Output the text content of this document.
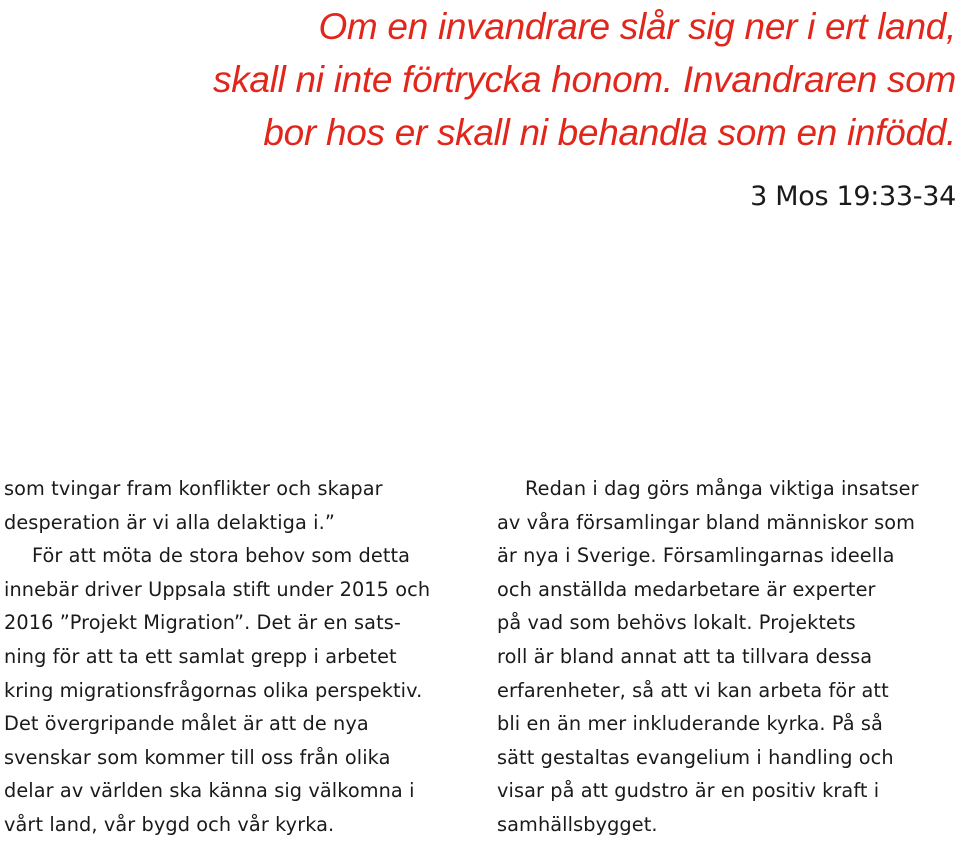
Om en invandrare slår sig ner i ert land,
skall ni inte förtrycka honom. Invandraren som
bor hos er skall ni behandla som en infödd.
3 Mos 19:33-34
som tvingar fram konflikter och skapar
desperation är vi alla delaktiga i.”
För att möta de stora behov som detta
innebär driver Uppsala stift under 2015 och
2016 ”Projekt Migration”. Det är en sats-
ning för att ta ett samlat grepp i arbetet
kring migrationsfrågornas olika perspektiv.
Det övergripande målet är att de nya
svenskar som kommer till oss från olika
delar av världen ska känna sig välkomna i
vårt land, vår bygd och vår kyrka.
Redan i dag görs många viktiga insatser
av våra församlingar bland människor som
är nya i Sverige. Församlingarnas ideella
och anställda medarbetare är experter
på vad som behövs lokalt. Projektets
roll är bland annat att ta tillvara dessa
erfarenheter, så att vi kan arbeta för att
bli en än mer inkluderande kyrka. På så
sätt gestaltas evangelium i handling och
visar på att gudstro är en positiv kraft i
samhällsbygget.
